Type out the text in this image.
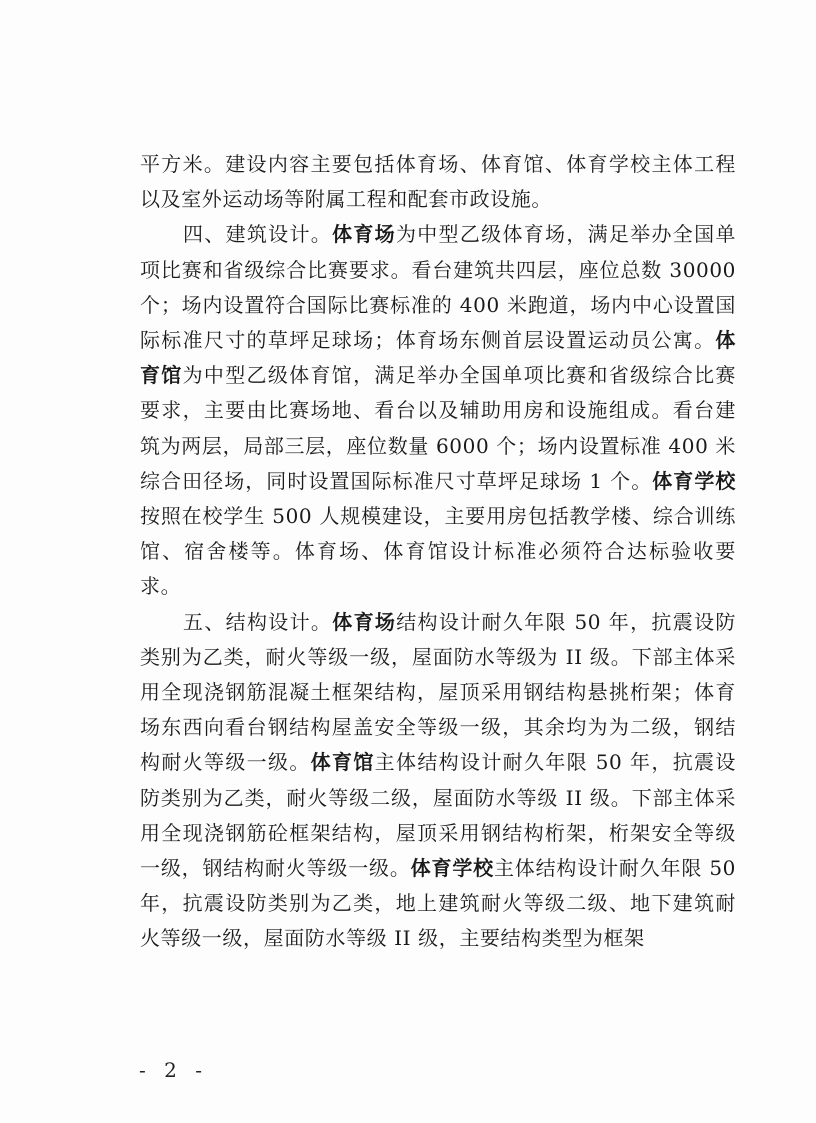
平方米。建设内容主要包括体育场、体育馆、体育学校主体工程以及室外运动场等附属工程和配套市政设施。

四、建筑设计。体育场为中型乙级体育场，满足举办全国单项比赛和省级综合比赛要求。看台建筑共四层，座位总数 30000 个；场内设置符合国际比赛标准的 400 米跑道，场内中心设置国际标准尺寸的草坪足球场；体育场东侧首层设置运动员公寓。体育馆为中型乙级体育馆，满足举办全国单项比赛和省级综合比赛要求，主要由比赛场地、看台以及辅助用房和设施组成。看台建筑为两层，局部三层，座位数量 6000 个；场内设置标准 400 米综合田径场，同时设置国际标准尺寸草坪足球场 1 个。体育学校按照在校学生 500 人规模建设，主要用房包括教学楼、综合训练馆、宿舍楼等。体育场、体育馆设计标准必须符合达标验收要求。

五、结构设计。体育场结构设计耐久年限 50 年，抗震设防类别为乙类，耐火等级一级，屋面防水等级为 II 级。下部主体采用全现浇钢筋混凝土框架结构，屋顶采用钢结构悬挑桁架；体育场东西向看台钢结构屋盖安全等级一级，其余均为为二级，钢结构耐火等级一级。体育馆主体结构设计耐久年限 50 年，抗震设防类别为乙类，耐火等级二级，屋面防水等级 II 级。下部主体采用全现浇钢筋砼框架结构，屋顶采用钢结构桁架，桁架安全等级一级，钢结构耐火等级一级。体育学校主体结构设计耐久年限 50 年，抗震设防类别为乙类，地上建筑耐火等级二级、地下建筑耐火等级一级，屋面防水等级 II 级，主要结构类型为框架

- 2 -
